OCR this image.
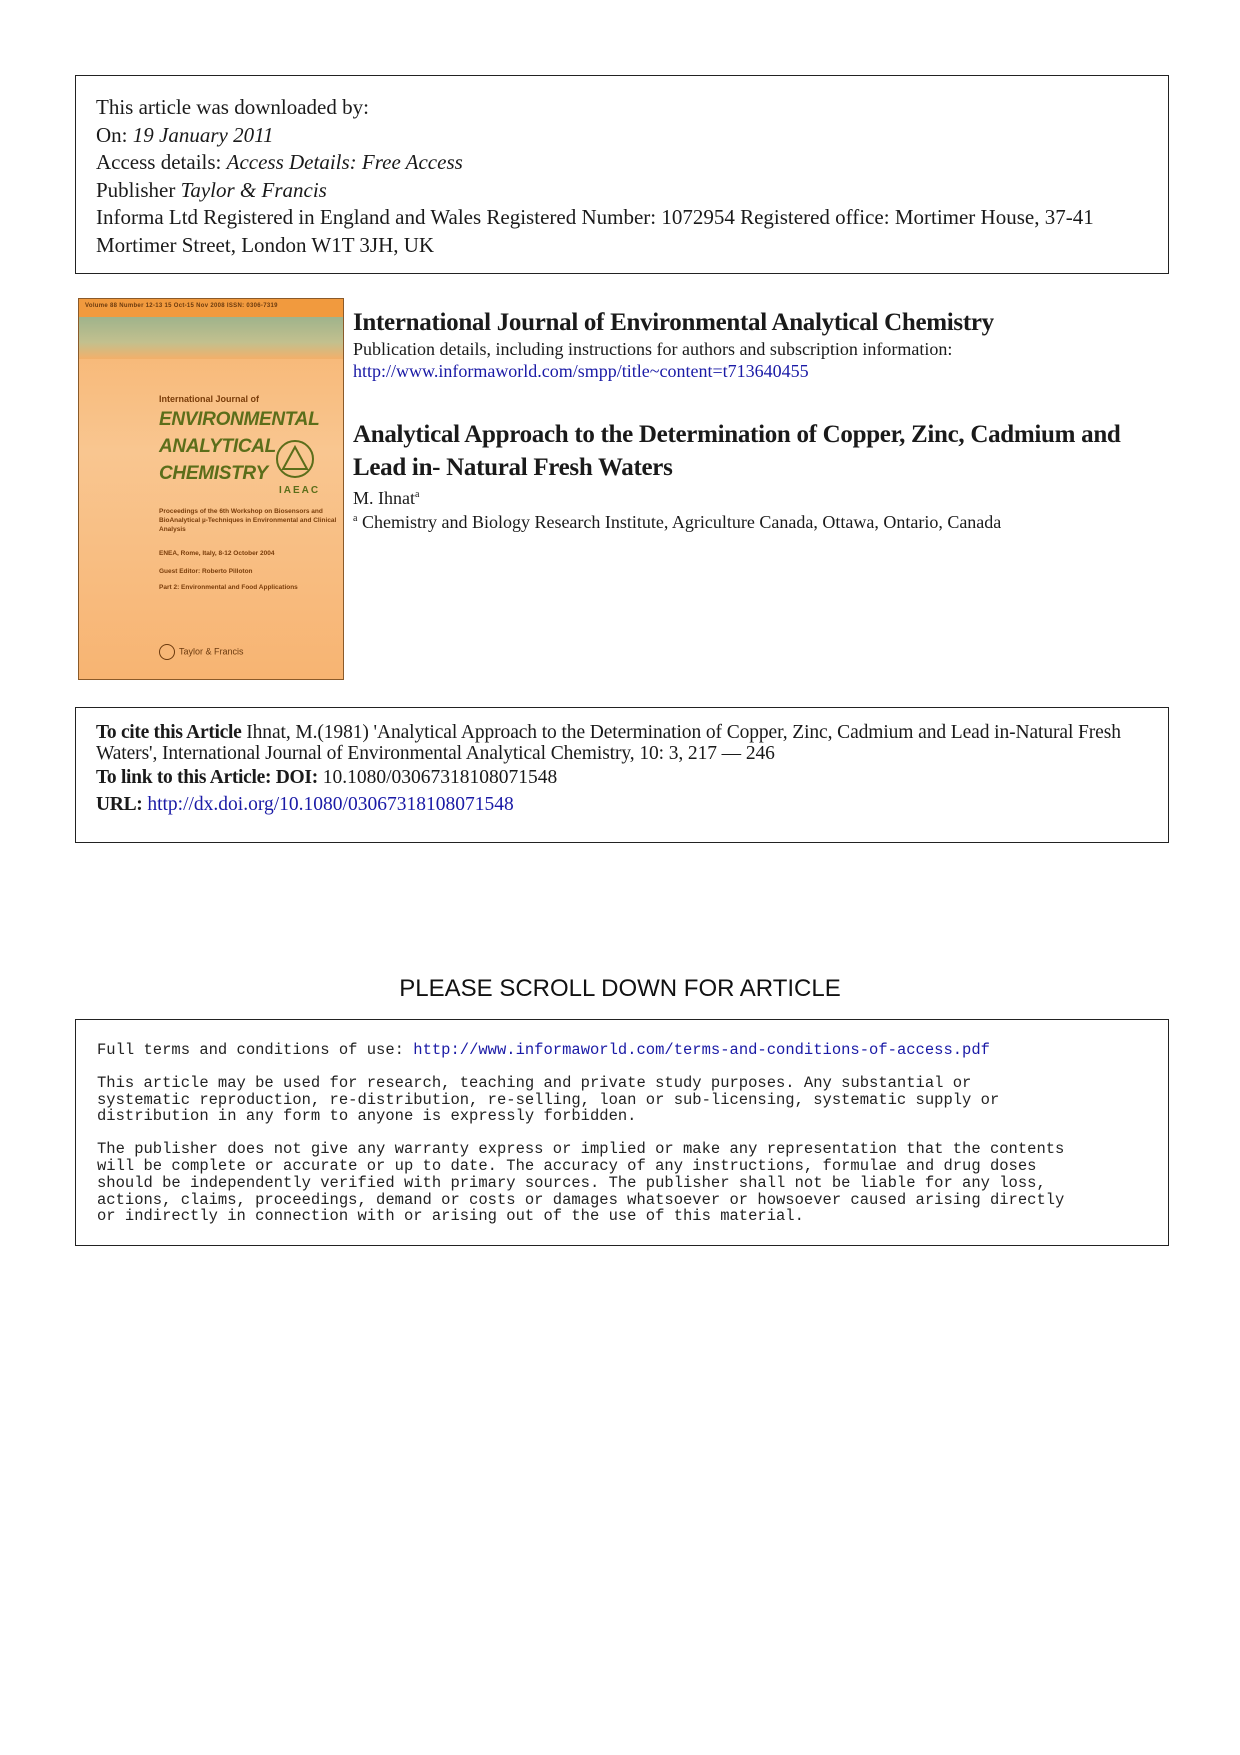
This article was downloaded by:
On: 19 January 2011
Access details: Access Details: Free Access
Publisher Taylor & Francis
Informa Ltd Registered in England and Wales Registered Number: 1072954 Registered office: Mortimer House, 37-41 Mortimer Street, London W1T 3JH, UK
Volume 88 Number 12-13 15 Oct-15 Nov 2008 ISSN: 0306-7319
International Journal of
ENVIRONMENTAL
ANALYTICAL
CHEMISTRY
IAEAC
Proceedings of the 6th Workshop on Biosensors and BioAnalytical µ-Techniques in Environmental and Clinical Analysis
ENEA, Rome, Italy, 8-12 October 2004
Guest Editor: Roberto Pilloton
Part 2: Environmental and Food Applications
Taylor & Francis
International Journal of Environmental Analytical Chemistry
Publication details, including instructions for authors and subscription information:
http://www.informaworld.com/smpp/title~content=t713640455
Analytical Approach to the Determination of Copper, Zinc, Cadmium and Lead in- Natural Fresh Waters
M. Ihnat$^a$
$^a$ Chemistry and Biology Research Institute, Agriculture Canada, Ottawa, Ontario, Canada
To cite this Article Ihnat, M.(1981) 'Analytical Approach to the Determination of Copper, Zinc, Cadmium and Lead in-Natural Fresh Waters', International Journal of Environmental Analytical Chemistry, 10: 3, 217 — 246
To link to this Article: DOI: 10.1080/03067318108071548
URL: http://dx.doi.org/10.1080/03067318108071548
PLEASE SCROLL DOWN FOR ARTICLE

Full terms and conditions of use: http://www.informaworld.com/terms-and-conditions-of-access.pdf

This article may be used for research, teaching and private study purposes. Any substantial or
systematic reproduction, re-distribution, re-selling, loan or sub-licensing, systematic supply or
distribution in any form to anyone is expressly forbidden.

The publisher does not give any warranty express or implied or make any representation that the contents
will be complete or accurate or up to date. The accuracy of any instructions, formulae and drug doses
should be independently verified with primary sources. The publisher shall not be liable for any loss,
actions, claims, proceedings, demand or costs or damages whatsoever or howsoever caused arising directly
or indirectly in connection with or arising out of the use of this material.
